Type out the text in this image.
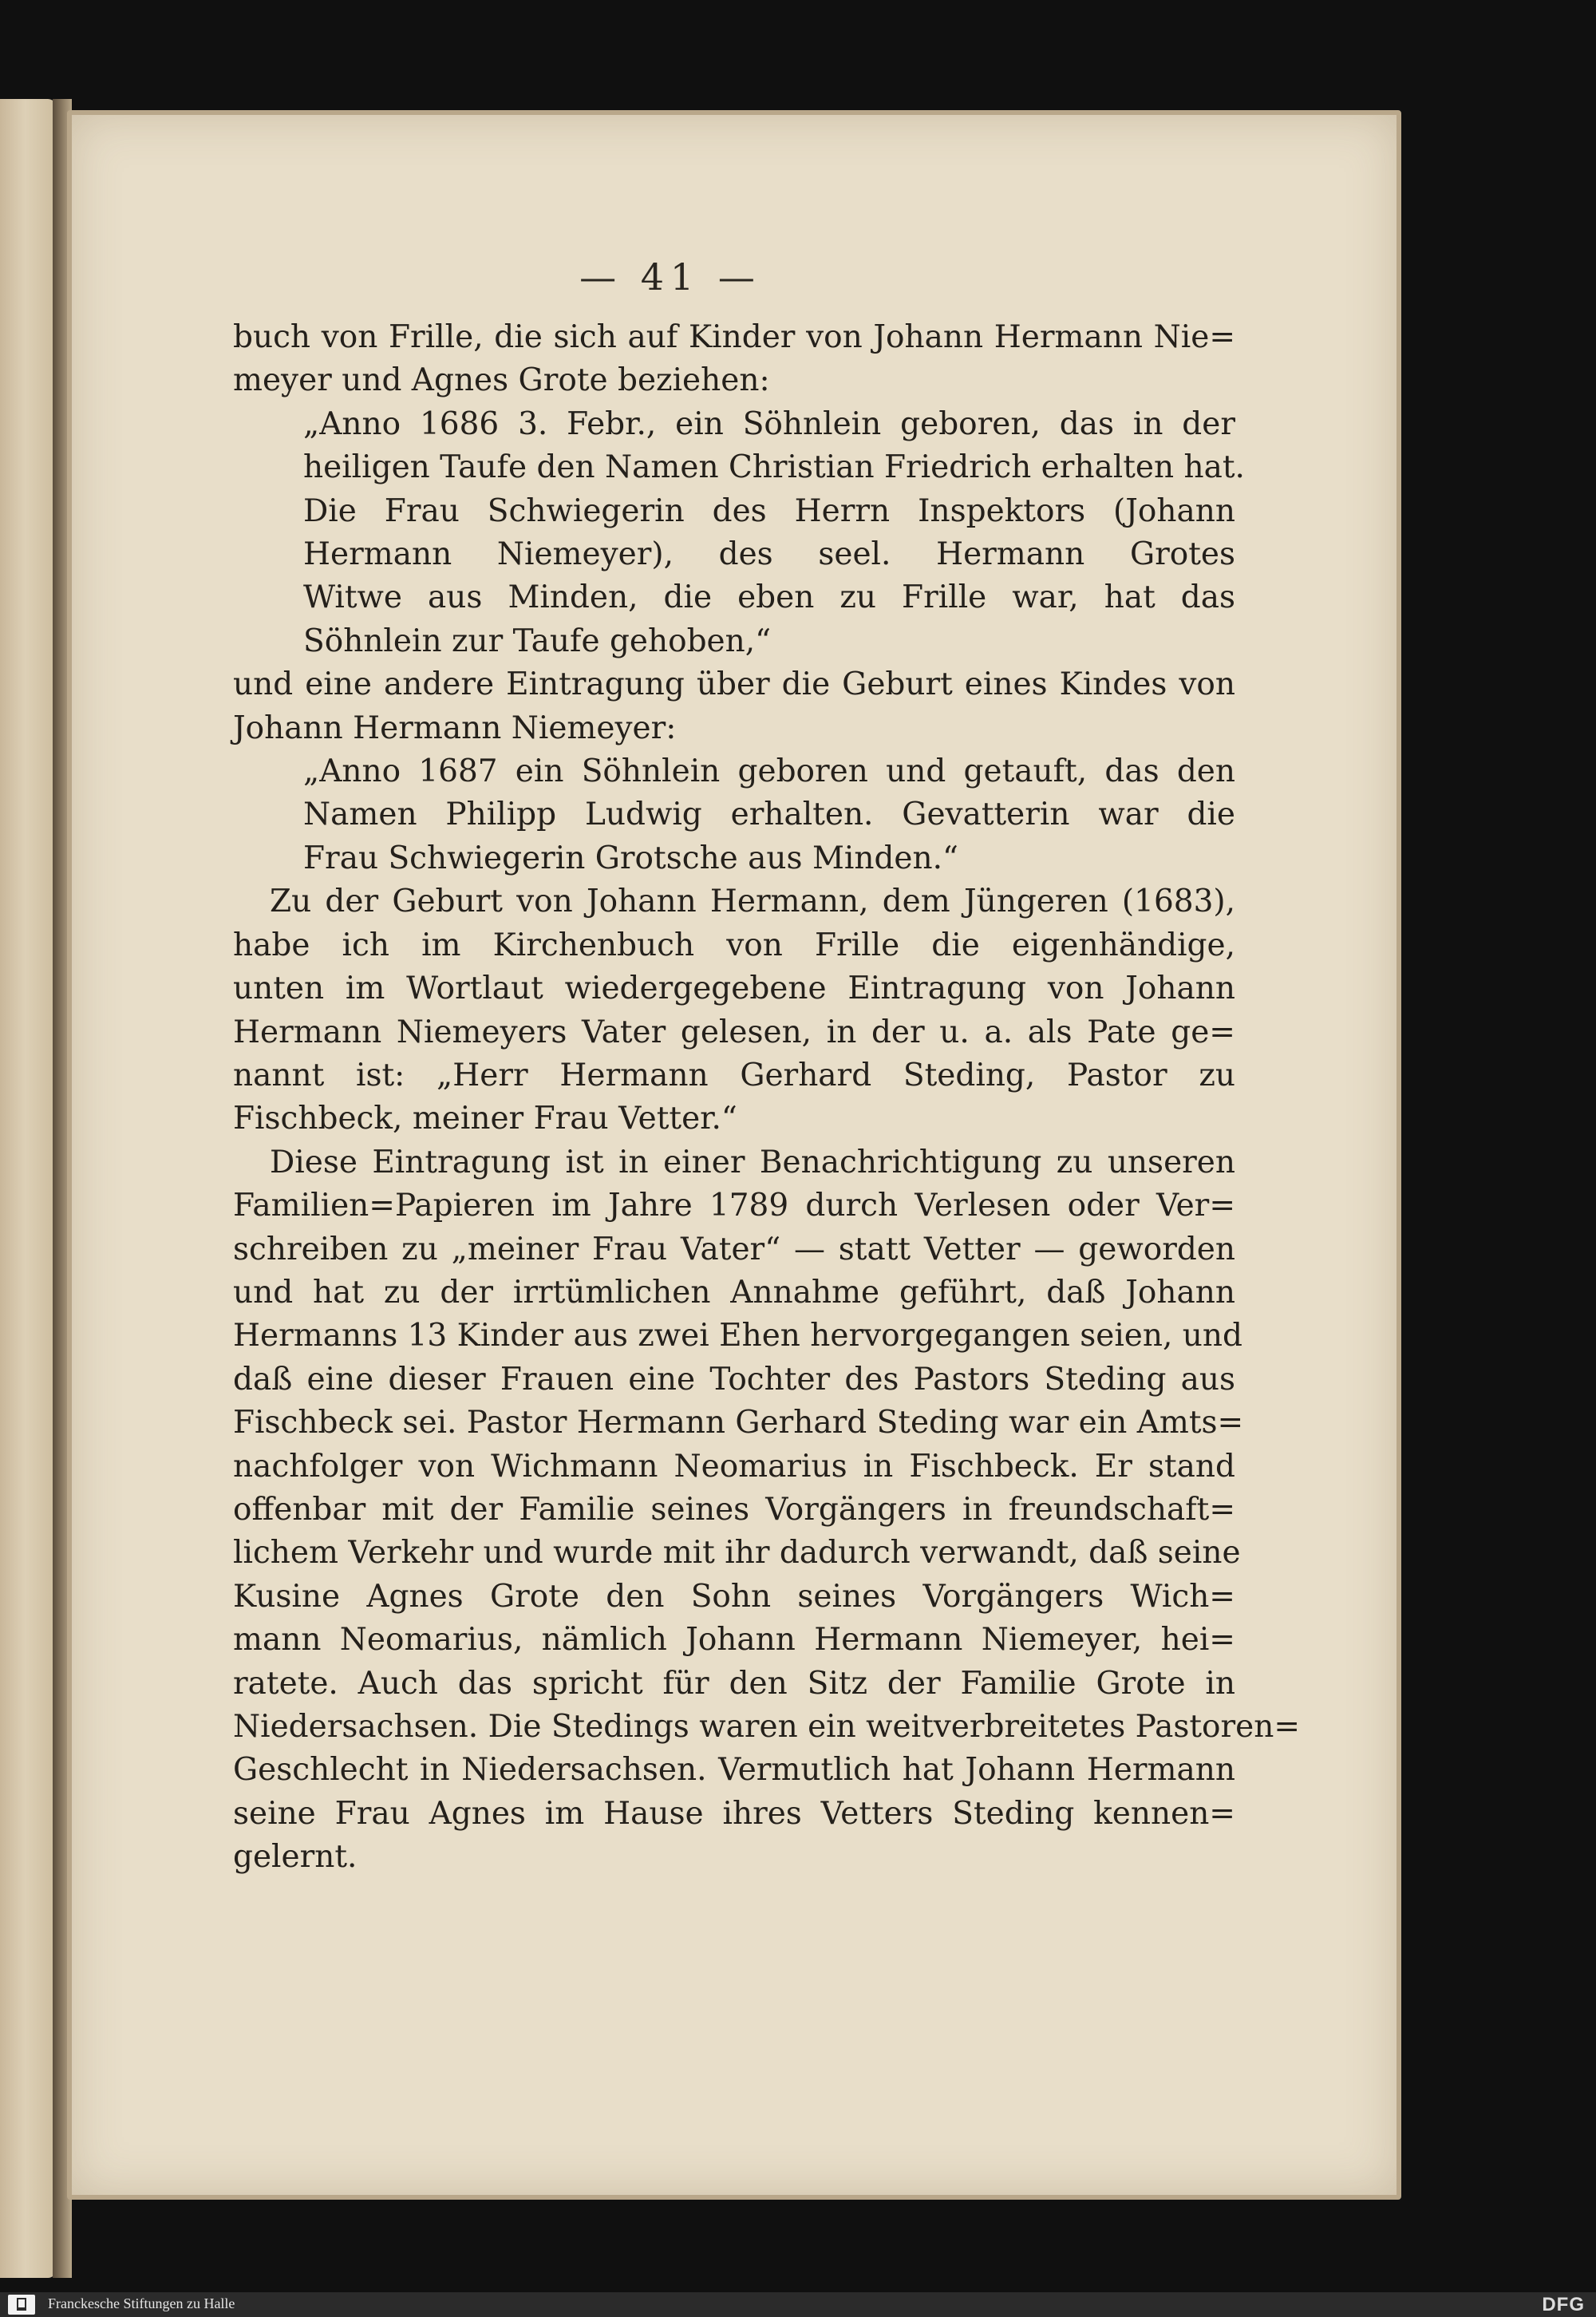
— 41 —
buch von Frille, die sich auf Kinder von Johann Hermann Nie=
meyer und Agnes Grote beziehen:
„Anno 1686 3. Febr., ein Söhnlein geboren, das in der
heiligen Taufe den Namen Christian Friedrich erhalten hat.
Die Frau Schwiegerin des Herrn Inspektors (Johann
Hermann Niemeyer), des seel. Hermann Grotes
Witwe aus Minden, die eben zu Frille war, hat das
Söhnlein zur Taufe gehoben,“
und eine andere Eintragung über die Geburt eines Kindes von
Johann Hermann Niemeyer:
„Anno 1687 ein Söhnlein geboren und getauft, das den
Namen Philipp Ludwig erhalten. Gevatterin war die
Frau Schwiegerin Grotsche aus Minden.“
Zu der Geburt von Johann Hermann, dem Jüngeren (1683),
habe ich im Kirchenbuch von Frille die eigenhändige,
unten im Wortlaut wiedergegebene Eintragung von Johann
Hermann Niemeyers Vater gelesen, in der u. a. als Pate ge=
nannt ist: „Herr Hermann Gerhard Steding, Pastor zu
Fischbeck, meiner Frau Vetter.“
Diese Eintragung ist in einer Benachrichtigung zu unseren
Familien=Papieren im Jahre 1789 durch Verlesen oder Ver=
schreiben zu „meiner Frau Vater“ — statt Vetter — geworden
und hat zu der irrtümlichen Annahme geführt, daß Johann
Hermanns 13 Kinder aus zwei Ehen hervorgegangen seien, und
daß eine dieser Frauen eine Tochter des Pastors Steding aus
Fischbeck sei. Pastor Hermann Gerhard Steding war ein Amts=
nachfolger von Wichmann Neomarius in Fischbeck. Er stand
offenbar mit der Familie seines Vorgängers in freundschaft=
lichem Verkehr und wurde mit ihr dadurch verwandt, daß seine
Kusine Agnes Grote den Sohn seines Vorgängers Wich=
mann Neomarius, nämlich Johann Hermann Niemeyer, hei=
ratete. Auch das spricht für den Sitz der Familie Grote in
Niedersachsen. Die Stedings waren ein weitverbreitetes Pastoren=
Geschlecht in Niedersachsen. Vermutlich hat Johann Hermann
seine Frau Agnes im Hause ihres Vetters Steding kennen=
gelernt.
Franckesche Stiftungen zu Halle	DFG
